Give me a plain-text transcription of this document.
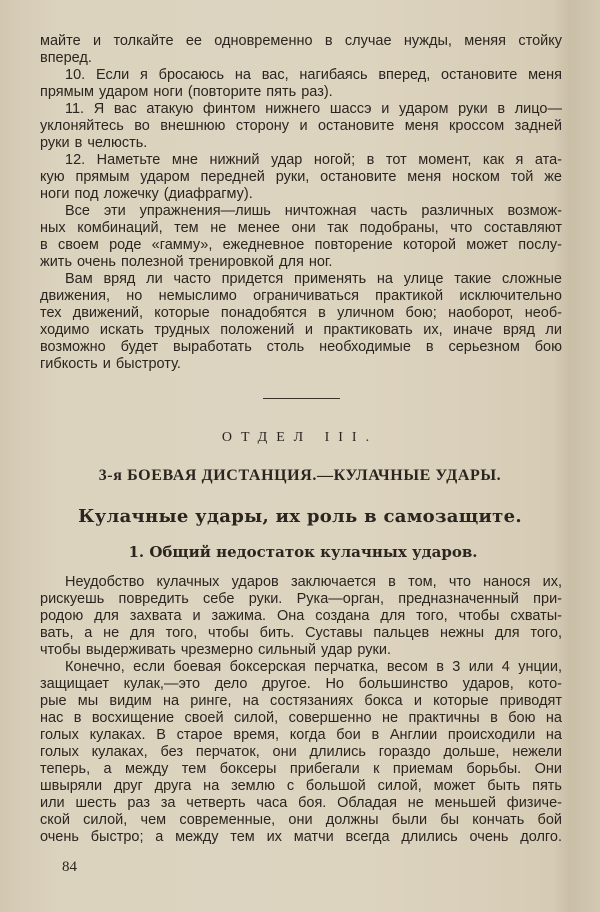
майте и толкайте ее одновременно в случае нужды, меняя стойку
вперед.
10. Если я бросаюсь на вас, нагибаясь вперед, остановите меня
прямым ударом ноги (повторите пять раз).
11. Я вас атакую финтом нижнего шассэ и ударом руки в лицо—
уклоняйтесь во внешнюю сторону и остановите меня кроссом задней
руки в челюсть.
12. Наметьте мне нижний удар ногой; в тот момент, как я ата-
кую прямым ударом передней руки, остановите меня носком той же
ноги под ложечку (диафрагму).
Все эти упражнения—лишь ничтожная часть различных возмож-
ных комбинаций, тем не менее они так подобраны, что составляют
в своем роде «гамму», ежедневное повторение которой может послу-
жить очень полезной тренировкой для ног.
Вам вряд ли часто придется применять на улице такие сложные
движения, но немыслимо ограничиваться практикой исключительно
тех движений, которые понадобятся в уличном бою; наоборот, необ-
ходимо искать трудных положений и практиковать их, иначе вряд ли
возможно будет выработать столь необходимые в серьезном бою
гибкость и быстроту.
ОТДЕЛ III.
3-я БОЕВАЯ ДИСТАНЦИЯ.—КУЛАЧНЫЕ УДАРЫ.
Кулачные удары, их роль в самозащите.
1. Общий недостаток кулачных ударов.
Неудобство кулачных ударов заключается в том, что нанося их,
рискуешь повредить себе руки. Рука—орган, предназначенный при-
родою для захвата и зажима. Она создана для того, чтобы схваты-
вать, а не для того, чтобы бить. Суставы пальцев нежны для того,
чтобы выдерживать чрезмерно сильный удар руки.
Конечно, если боевая боксерская перчатка, весом в 3 или 4 унции,
защищает кулак,—это дело другое. Но большинство ударов, кото-
рые мы видим на ринге, на состязаниях бокса и которые приводят
нас в восхищение своей силой, совершенно не практичны в бою на
голых кулаках. В старое время, когда бои в Англии происходили на
голых кулаках, без перчаток, они длились гораздо дольше, нежели
теперь, а между тем боксеры прибегали к приемам борьбы. Они
швыряли друг друга на землю с большой силой, может быть пять
или шесть раз за четверть часа боя. Обладая не меньшей физиче-
ской силой, чем современные, они должны были бы кончать бой
очень быстро; а между тем их матчи всегда длились очень долго.
84
